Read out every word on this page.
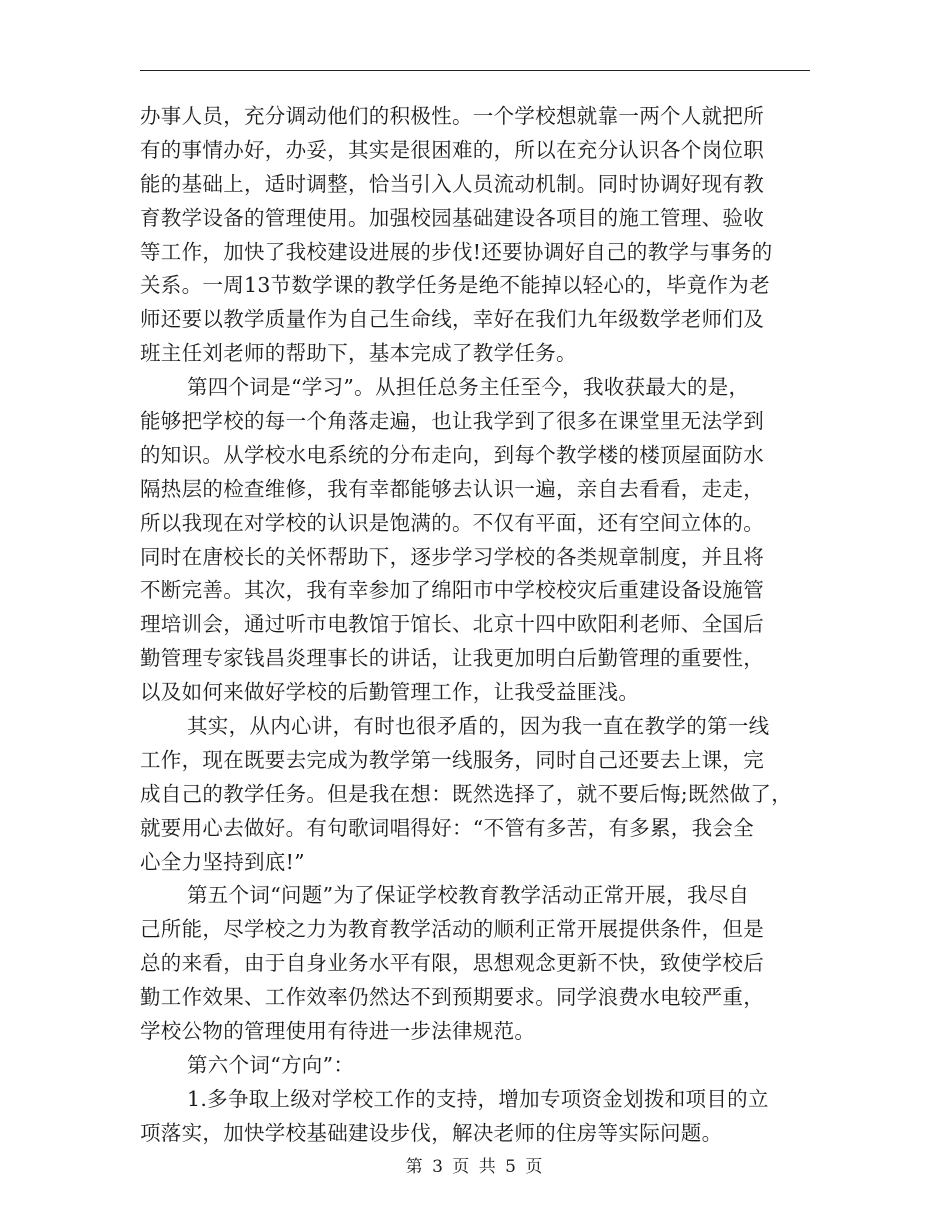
办事人员，充分调动他们的积极性。一个学校想就靠一两个人就把所
有的事情办好，办妥，其实是很困难的，所以在充分认识各个岗位职
能的基础上，适时调整，恰当引入人员流动机制。同时协调好现有教
育教学设备的管理使用。加强校园基础建设各项目的施工管理、验收
等工作，加快了我校建设进展的步伐!还要协调好自己的教学与事务的
关系。一周13节数学课的教学任务是绝不能掉以轻心的，毕竟作为老
师还要以教学质量作为自己生命线，幸好在我们九年级数学老师们及
班主任刘老师的帮助下，基本完成了教学任务。
第四个词是“学习”。从担任总务主任至今，我收获最大的是，
能够把学校的每一个角落走遍，也让我学到了很多在课堂里无法学到
的知识。从学校水电系统的分布走向，到每个教学楼的楼顶屋面防水
隔热层的检查维修，我有幸都能够去认识一遍，亲自去看看，走走，
所以我现在对学校的认识是饱满的。不仅有平面，还有空间立体的。
同时在唐校长的关怀帮助下，逐步学习学校的各类规章制度，并且将
不断完善。其次，我有幸参加了绵阳市中学校校灾后重建设备设施管
理培训会，通过听市电教馆于馆长、北京十四中欧阳利老师、全国后
勤管理专家钱昌炎理事长的讲话，让我更加明白后勤管理的重要性，
以及如何来做好学校的后勤管理工作，让我受益匪浅。
其实，从内心讲，有时也很矛盾的，因为我一直在教学的第一线
工作，现在既要去完成为教学第一线服务，同时自己还要去上课，完
成自己的教学任务。但是我在想：既然选择了，就不要后悔;既然做了，
就要用心去做好。有句歌词唱得好：“不管有多苦，有多累，我会全
心全力坚持到底!”
第五个词“问题”为了保证学校教育教学活动正常开展，我尽自
己所能，尽学校之力为教育教学活动的顺利正常开展提供条件，但是
总的来看，由于自身业务水平有限，思想观念更新不快，致使学校后
勤工作效果、工作效率仍然达不到预期要求。同学浪费水电较严重，
学校公物的管理使用有待进一步法律规范。
第六个词“方向”：
1.多争取上级对学校工作的支持，增加专项资金划拨和项目的立
项落实，加快学校基础建设步伐，解决老师的住房等实际问题。
第 3 页 共 5 页
